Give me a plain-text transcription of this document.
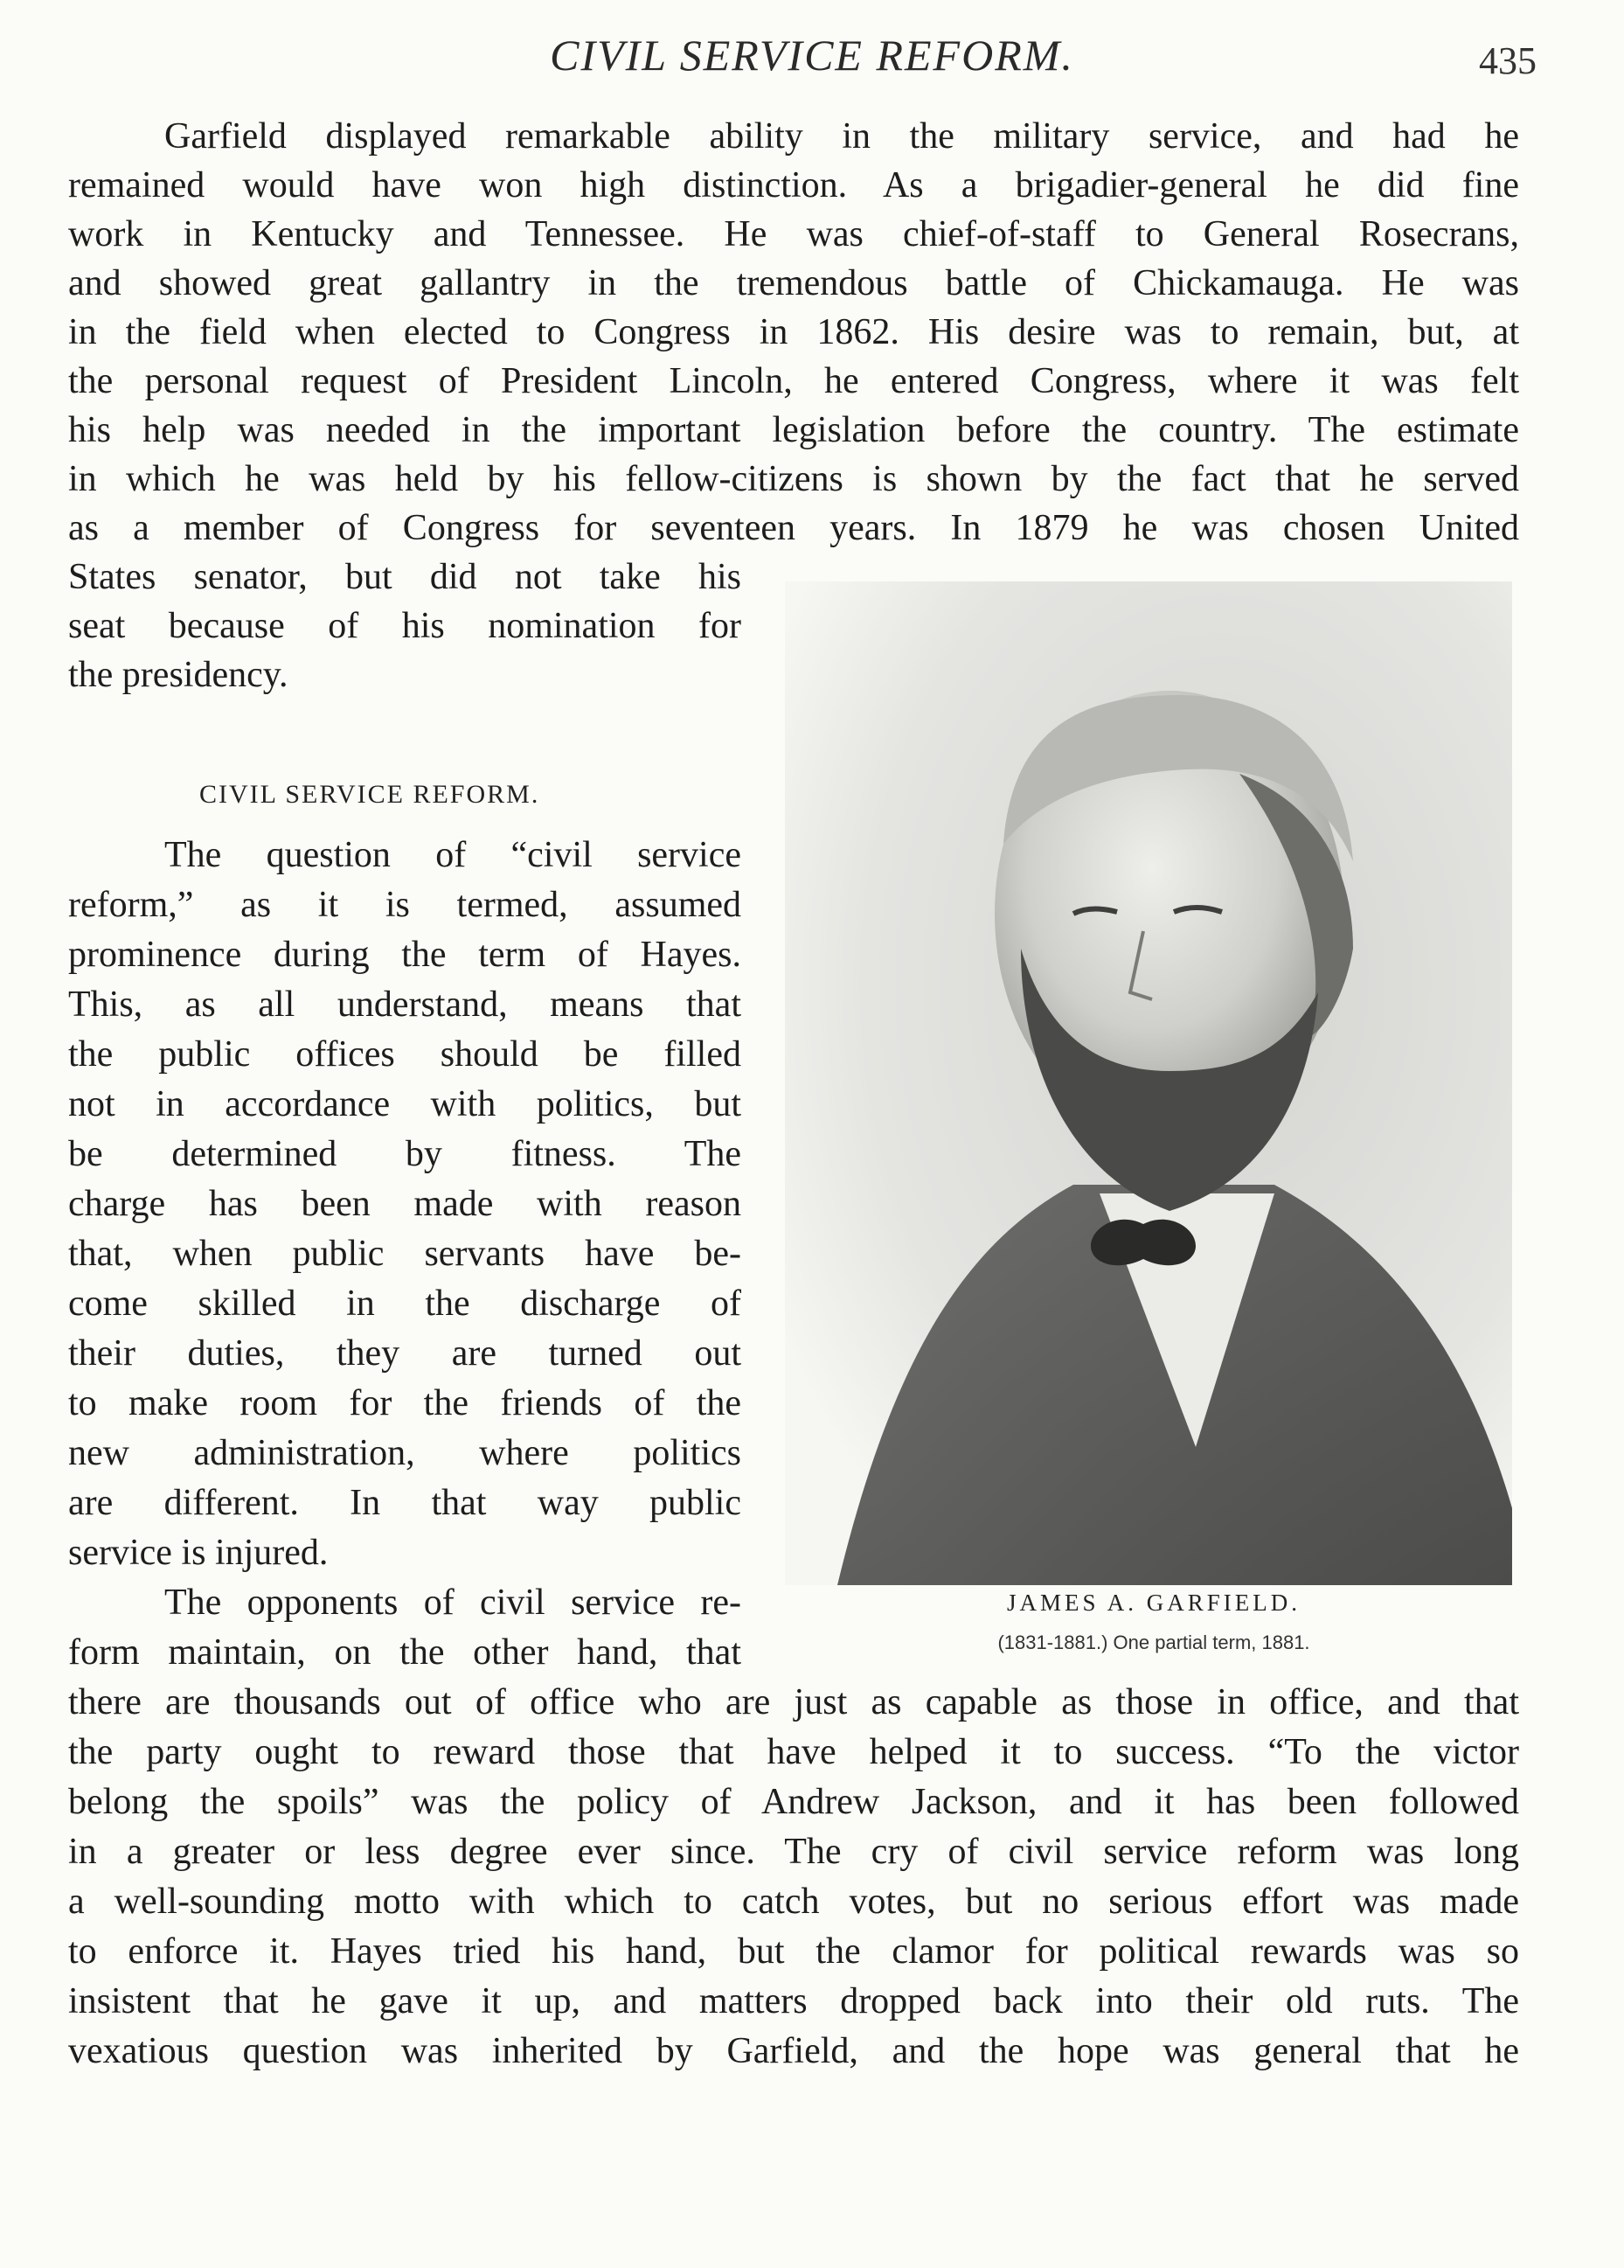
CIVIL SERVICE REFORM.	435
Garfield displayed remarkable ability in the military service, and had he
remained would have won high distinction. As a brigadier-general he did fine
work in Kentucky and Tennessee. He was chief-of-staff to General Rosecrans,
and showed great gallantry in the tremendous battle of Chickamauga. He was
in the field when elected to Congress in 1862. His desire was to remain, but, at
the personal request of President Lincoln, he entered Congress, where it was felt
his help was needed in the important legislation before the country. The estimate
in which he was held by his fellow-citizens is shown by the fact that he served
as a member of Congress for seventeen years. In 1879 he was chosen United
States senator, but did not take his
seat because of his nomination for
the presidency.
CIVIL SERVICE REFORM.
The question of “civil service
reform,” as it is termed, assumed
prominence during the term of Hayes.
This, as all understand, means that
the public offices should be filled
not in accordance with politics, but
be determined by fitness. The
charge has been made with reason
that, when public servants have be-
come skilled in the discharge of
their duties, they are turned out
to make room for the friends of the
new administration, where politics
are different. In that way public
service is injured.
The opponents of civil service re-
form maintain, on the other hand, that
there are thousands out of office who are just as capable as those in office, and that
the party ought to reward those that have helped it to success. “To the victor
belong the spoils” was the policy of Andrew Jackson, and it has been followed
in a greater or less degree ever since. The cry of civil service reform was long
a well-sounding motto with which to catch votes, but no serious effort was made
to enforce it. Hayes tried his hand, but the clamor for political rewards was so
insistent that he gave it up, and matters dropped back into their old ruts. The
vexatious question was inherited by Garfield, and the hope was general that he
JAMES A. GARFIELD.
(1831-1881.) One partial term, 1881.
